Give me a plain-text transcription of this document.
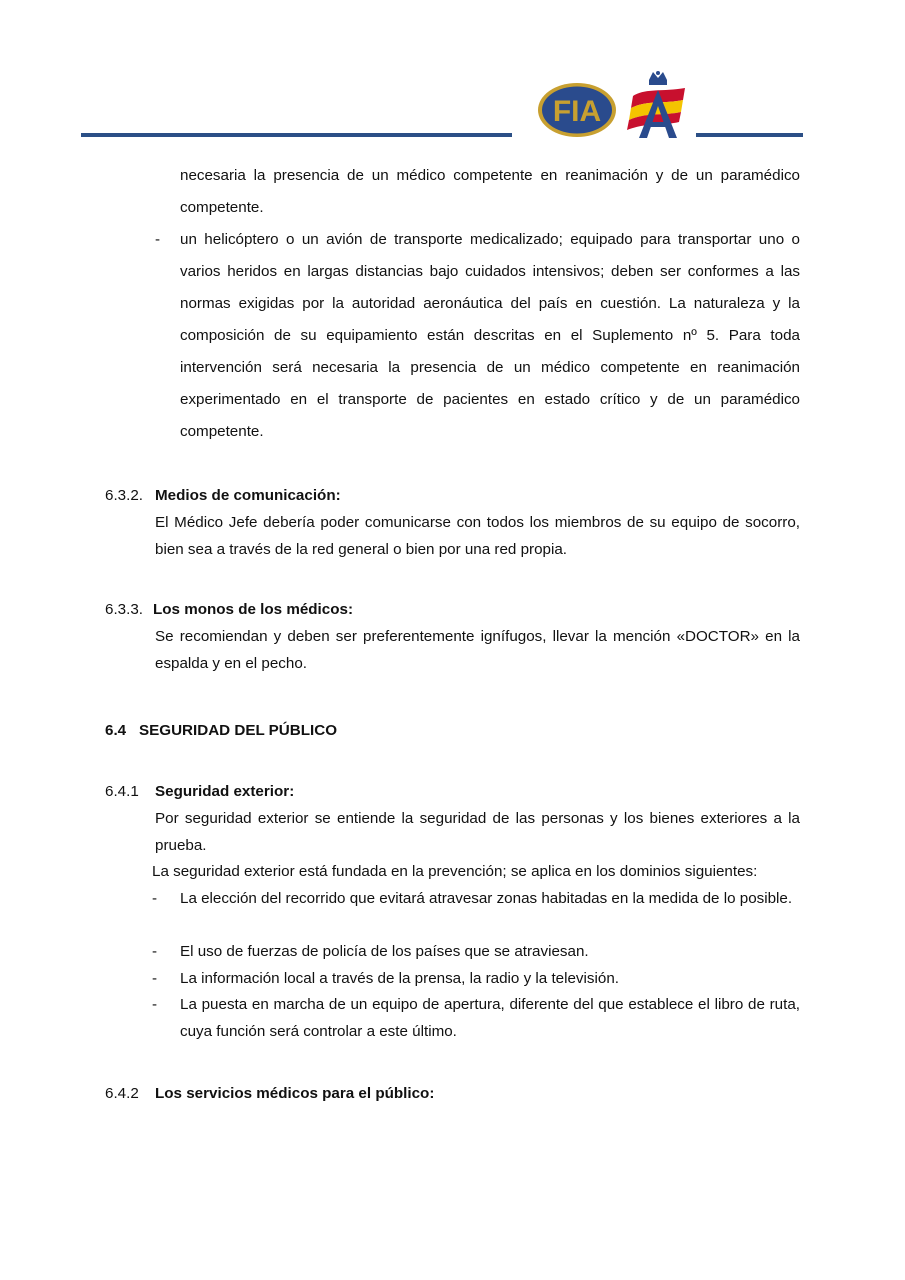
FIA
A
necesaria la presencia de un médico competente en reanimación y de un paramédico
competente.
- un helicóptero o un avión de transporte medicalizado; equipado para transportar uno o varios heridos en largas distancias bajo cuidados intensivos; deben ser conformes a las normas exigidas por la autoridad aeronáutica del país en cuestión. La naturaleza y la composición de su equipamiento están descritas en el Suplemento nº 5. Para toda intervención será necesaria la presencia de un médico competente en reanimación experimentado en el transporte de pacientes en estado crítico y de un paramédico competente.
6.3.2. Medios de comunicación:
El Médico Jefe debería poder comunicarse con todos los miembros de su equipo de socorro, bien sea a través de la red general o bien por una red propia.
6.3.3. Los monos de los médicos:
Se recomiendan y deben ser preferentemente ignífugos, llevar la mención «DOCTOR» en la espalda y en el pecho.
6.4 SEGURIDAD DEL PÚBLICO
6.4.1 Seguridad exterior:
Por seguridad exterior se entiende la seguridad de las personas y los bienes exteriores a la prueba.
La seguridad exterior está fundada en la prevención; se aplica en los dominios siguientes:
- La elección del recorrido que evitará atravesar zonas habitadas en la medida de lo posible.
- El uso de fuerzas de policía de los países que se atraviesan.
- La información local a través de la prensa, la radio y la televisión.
- La puesta en marcha de un equipo de apertura, diferente del que establece el libro de ruta, cuya función será controlar a este último.
6.4.2 Los servicios médicos para el público:
